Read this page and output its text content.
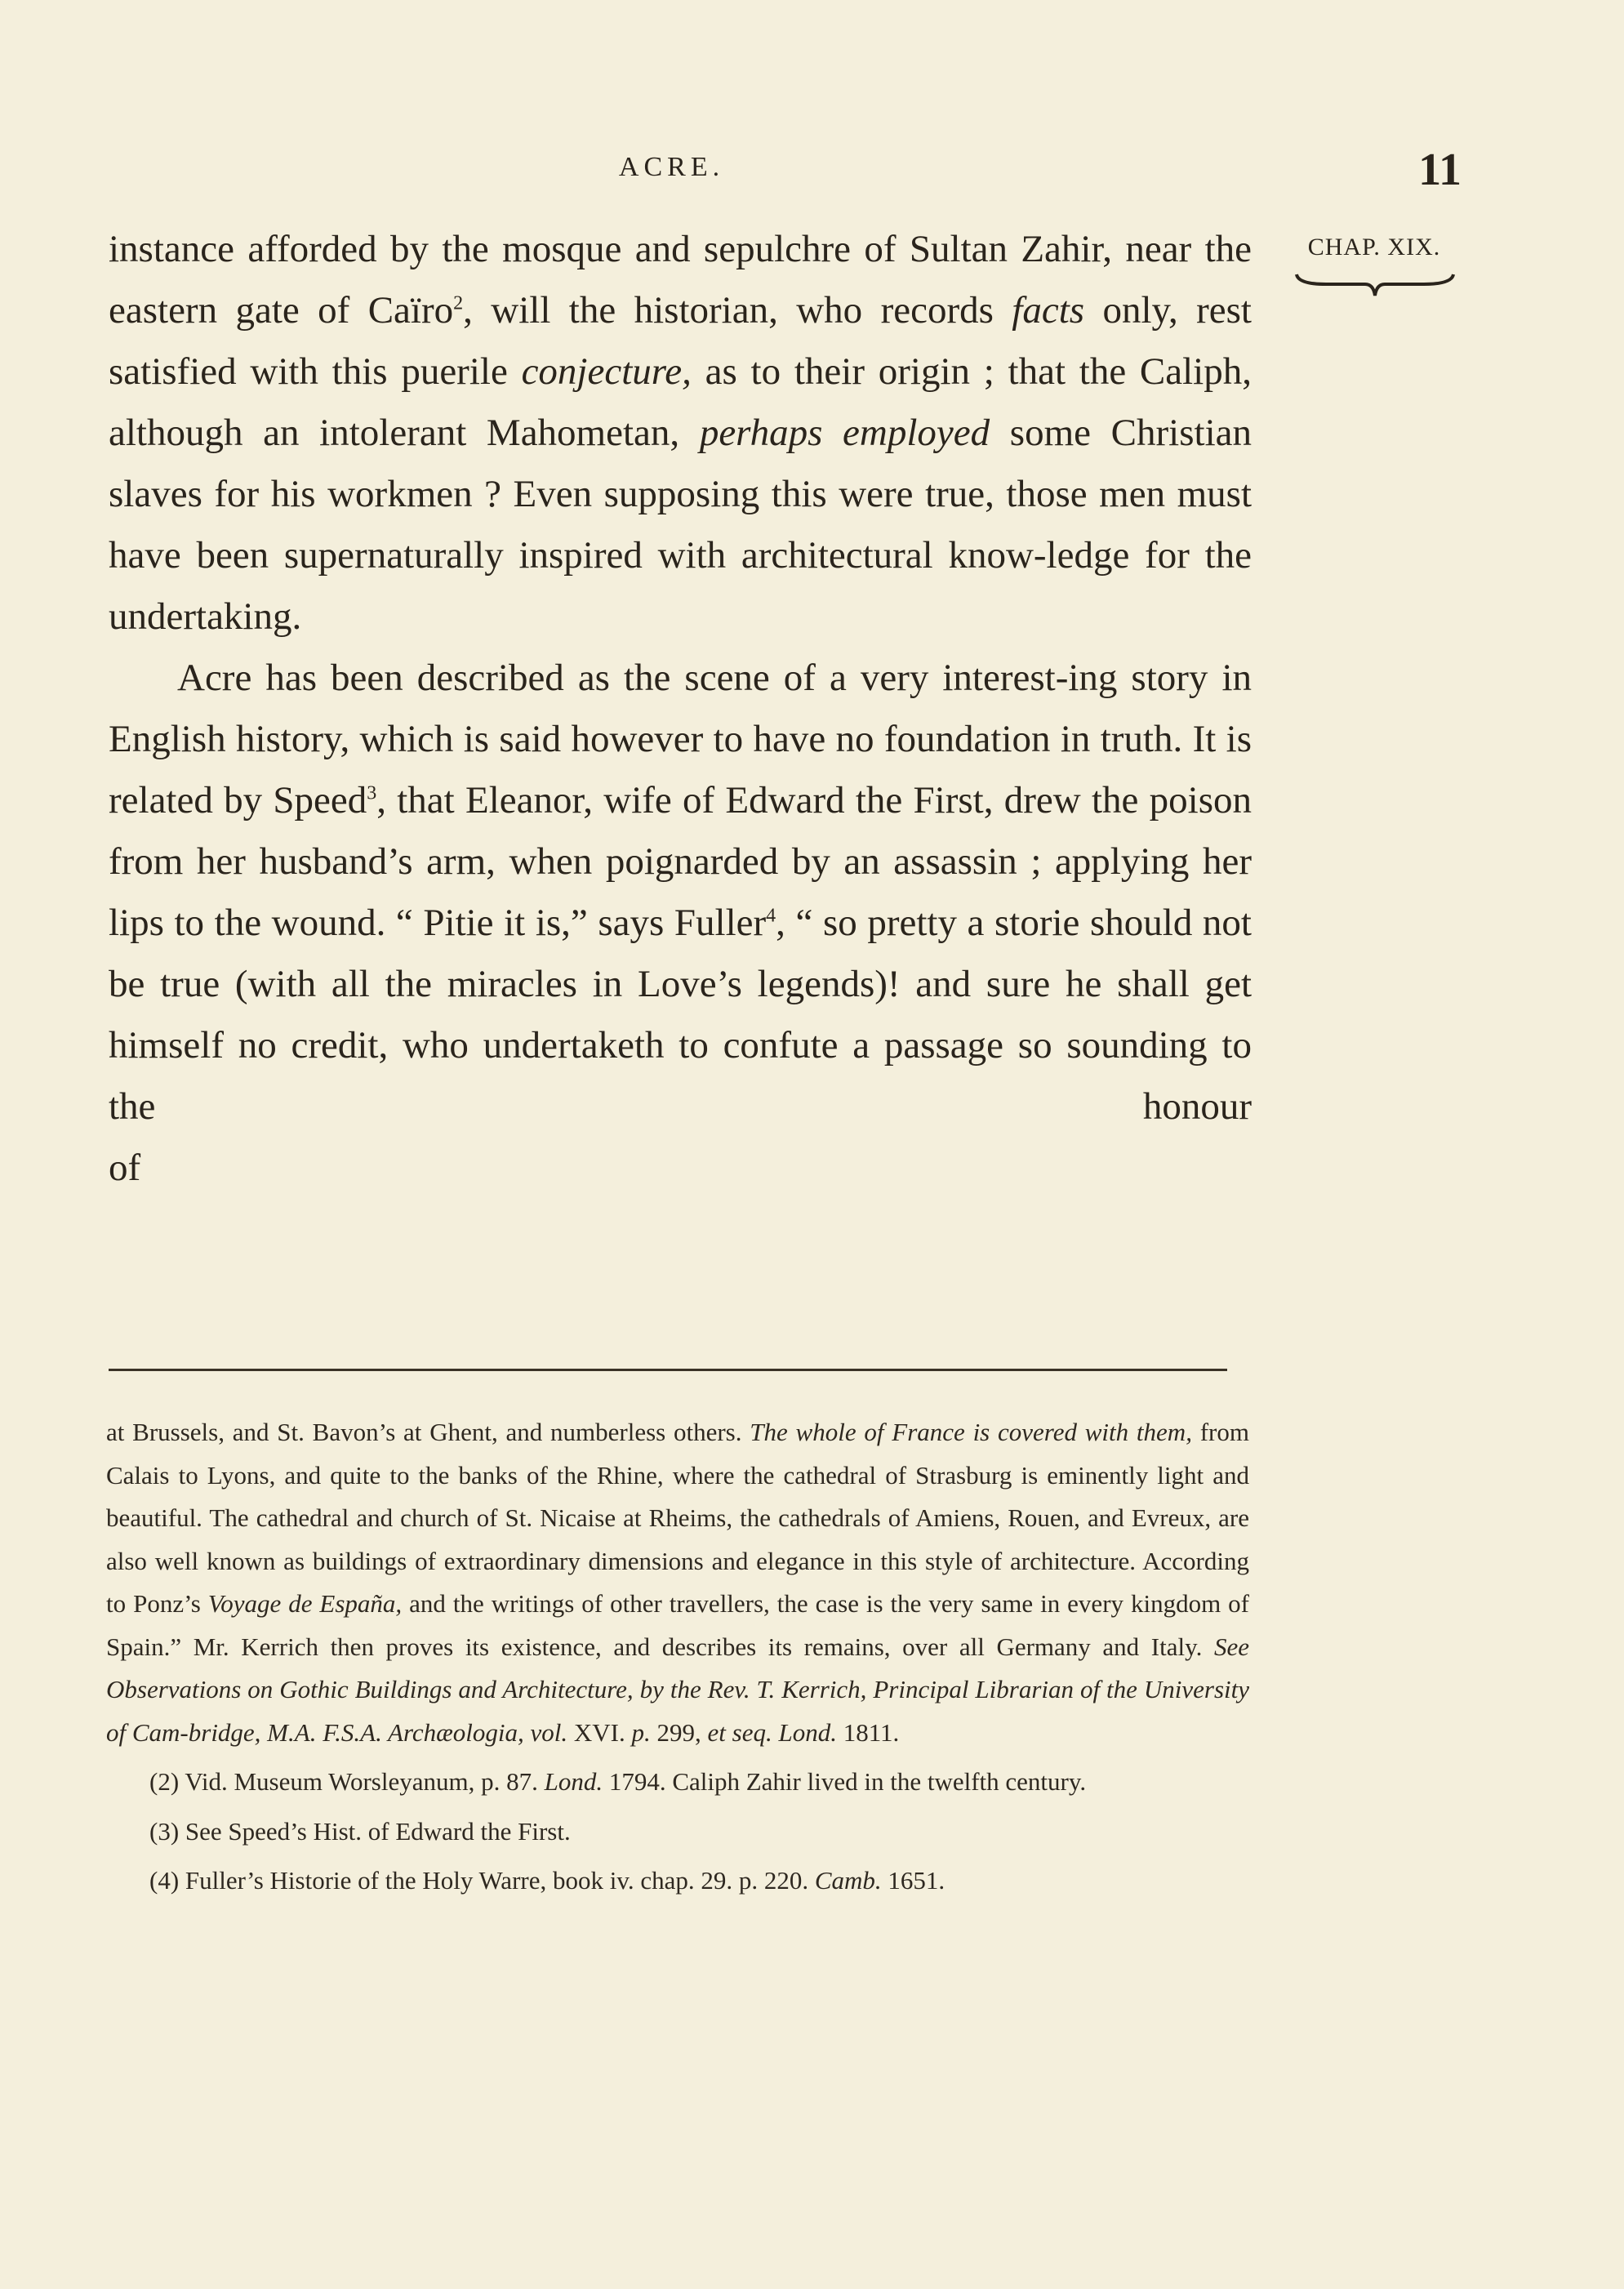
ACRE.	11
CHAP. XIX.

instance afforded by the mosque and sepulchre of Sultan Zahir, near the eastern gate of Caïro$^2$, will the historian, who records facts only, rest satisfied with this puerile conjecture, as to their origin ; that the Caliph, although an intolerant Mahometan, perhaps employed some Christian slaves for his workmen ? Even supposing this were true, those men must have been supernaturally inspired with architectural know-ledge for the undertaking.

Acre has been described as the scene of a very interest-ing story in English history, which is said however to have no foundation in truth. It is related by Speed$^3$, that Eleanor, wife of Edward the First, drew the poison from her husband’s arm, when poignarded by an assassin ; applying her lips to the wound. “ Pitie it is,” says Fuller$^4$, “ so pretty a storie should not be true (with all the miracles in Love’s legends)! and sure he shall get himself no credit, who undertaketh to confute a passage so sounding to the honour

of

at Brussels, and St. Bavon’s at Ghent, and numberless others. The whole of France is covered with them, from Calais to Lyons, and quite to the banks of the Rhine, where the cathedral of Strasburg is eminently light and beautiful. The cathedral and church of St. Nicaise at Rheims, the cathedrals of Amiens, Rouen, and Evreux, are also well known as buildings of extraordinary dimensions and elegance in this style of architecture. According to Ponz’s Voyage de España, and the writings of other travellers, the case is the very same in every kingdom of Spain.” Mr. Kerrich then proves its existence, and describes its remains, over all Germany and Italy. See Observations on Gothic Buildings and Architecture, by the Rev. T. Kerrich, Principal Librarian of the University of Cam-bridge, M.A. F.S.A. Archæologia, vol. XVI. p. 299, et seq. Lond. 1811.

(2) Vid. Museum Worsleyanum, p. 87. Lond. 1794. Caliph Zahir lived in the twelfth century.

(3) See Speed’s Hist. of Edward the First.

(4) Fuller’s Historie of the Holy Warre, book iv. chap. 29. p. 220. Camb. 1651.
